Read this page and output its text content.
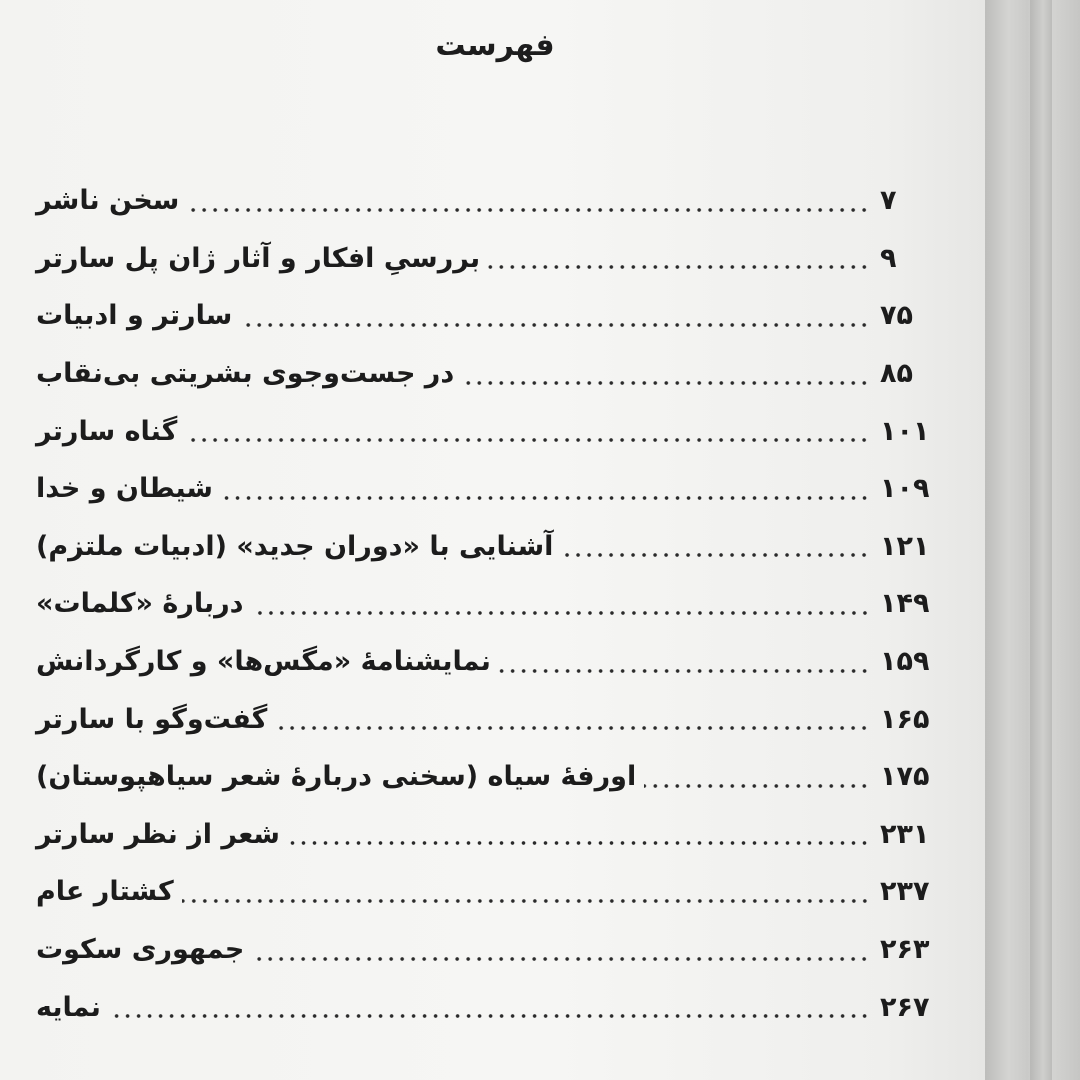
فهرست
سخن ناشر	۷
بررسیِ افکار و آثار ژان پل سارتر	۹
سارتر و ادبیات	۷۵
در جست‌وجوی بشریتی بی‌نقاب	۸۵
گناه سارتر	۱۰۱
شیطان و خدا	۱۰۹
آشنایی با «دوران جدید» (ادبیات ملتزم)	۱۲۱
دربارهٔ «کلمات»	۱۴۹
نمایشنامهٔ «مگس‌ها» و کارگردانش	۱۵۹
گفت‌وگو با سارتر	۱۶۵
اورفهٔ سیاه (سخنی دربارهٔ شعر سیاهپوستان)	۱۷۵
شعر از نظر سارتر	۲۳۱
کشتار عام	۲۳۷
جمهوری سکوت	۲۶۳
نمایه	۲۶۷
